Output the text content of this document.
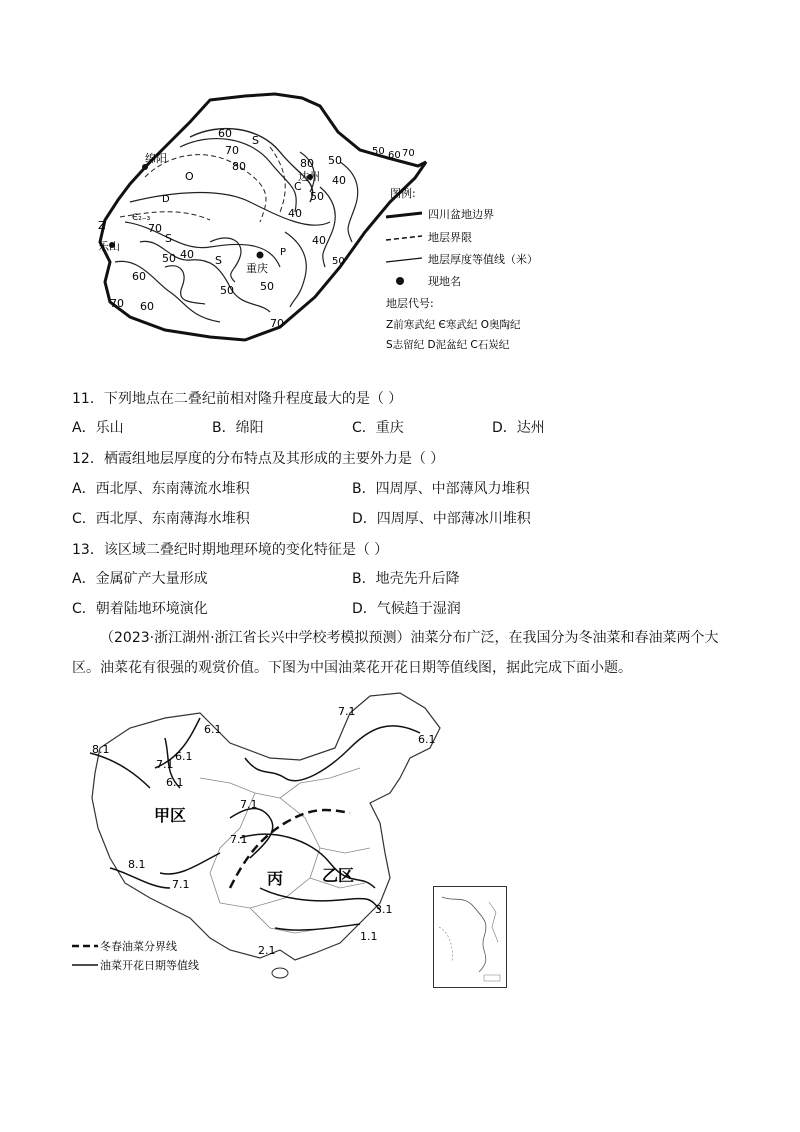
绵阳
达州
乐山
重庆
60
70
80	50
40
50
40
50 60 70
40
50
50
60
70
40
50
70
50
60
70
80
S
O
C
Є₂₋₃
Z
S
S
P
D	图例:
四川盆地边界
地层界限
地层厚度等值线（米）
现地名
地层代号:
Z前寒武纪 Є寒武纪 O奥陶纪
S志留纪 D泥盆纪 C石炭纪
11．下列地点在二叠纪前相对隆升程度最大的是（ ）
A．乐山	B．绵阳	C．重庆	D．达州
12．栖霞组地层厚度的分布特点及其形成的主要外力是（ ）
A．西北厚、东南薄流水堆积	B．四周厚、中部薄风力堆积
C．西北厚、东南薄海水堆积	D．四周厚、中部薄冰川堆积
13．该区域二叠纪时期地理环境的变化特征是（ ）
A．金属矿产大量形成	B．地壳先升后降
C．朝着陆地环境演化	D．气候趋于湿润
（2023·浙江湖州·浙江省长兴中学校考模拟预测）油菜分布广泛，在我国分为冬油菜和春油菜两个大区。油菜花有很强的观赏价值。下图为中国油菜花开花日期等值线图，据此完成下面小题。
6.1
8.1
6.1
7.1
6.1
7.1
6.1
7.1
7.1
8.1
7.1
3.1
1.1
2.1
甲区
丙 乙区
冬春油菜分界线
油菜开花日期等值线
